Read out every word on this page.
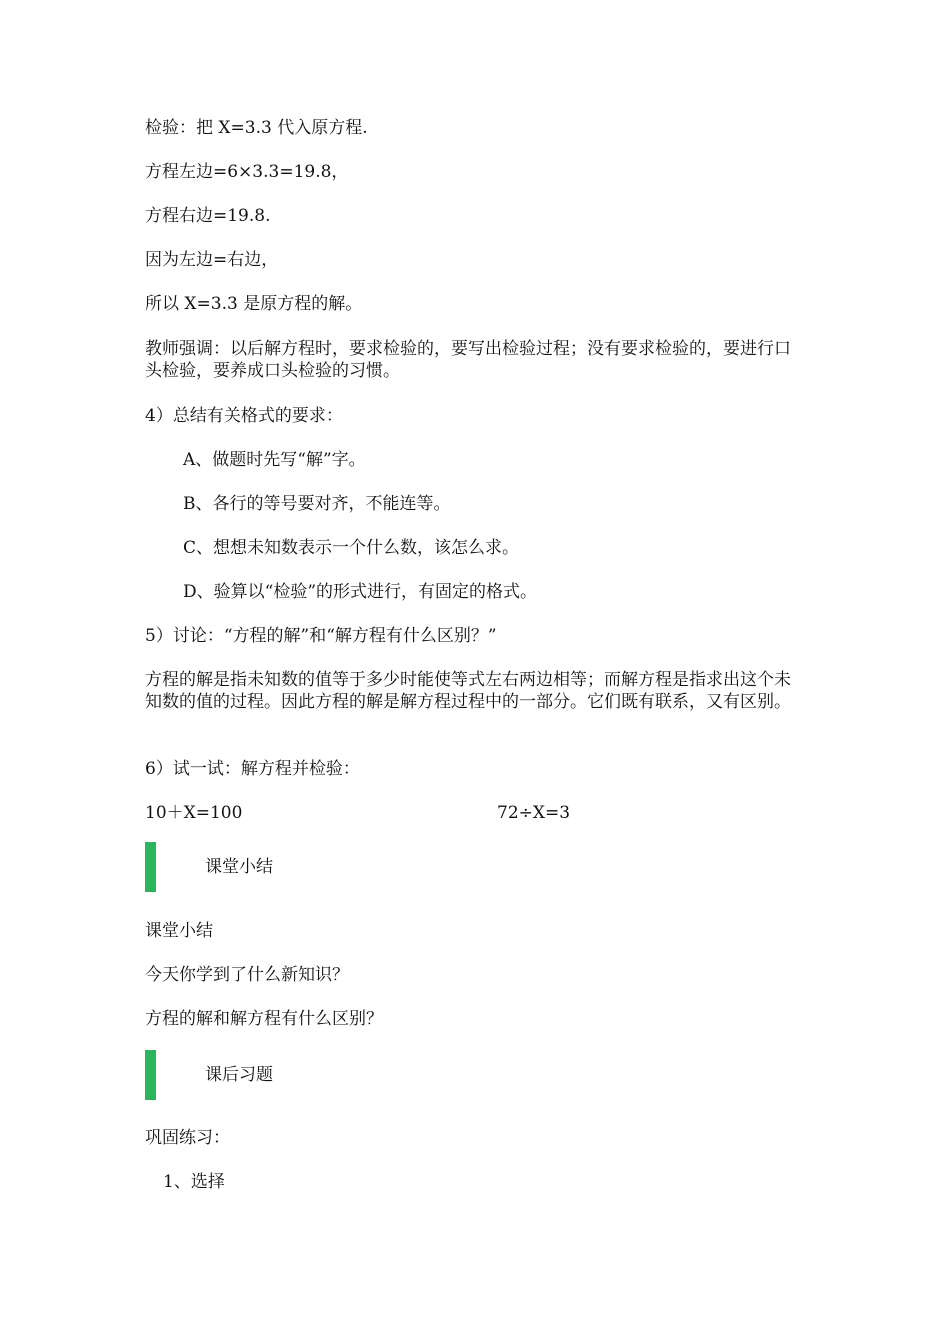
检验：把 X=3.3 代入原方程.
方程左边=6×3.3=19.8，
方程右边=19.8.
因为左边=右边，
所以 X=3.3 是原方程的解。
教师强调：以后解方程时，要求检验的，要写出检验过程；没有要求检验的，要进行口头检验，要养成口头检验的习惯。
4）总结有关格式的要求：
A、做题时先写“解”字。
B、各行的等号要对齐，不能连等。
C、想想未知数表示一个什么数，该怎么求。
D、验算以“检验”的形式进行，有固定的格式。
5）讨论：“方程的解”和“解方程有什么区别？”
方程的解是指未知数的值等于多少时能使等式左右两边相等；而解方程是指求出这个未知数的值的过程。因此方程的解是解方程过程中的一部分。它们既有联系，又有区别。
6）试一试：解方程并检验：
10＋X=100	72÷X=3
课堂小结
课堂小结
今天你学到了什么新知识？
方程的解和解方程有什么区别？
课后习题
巩固练习：
1、选择
